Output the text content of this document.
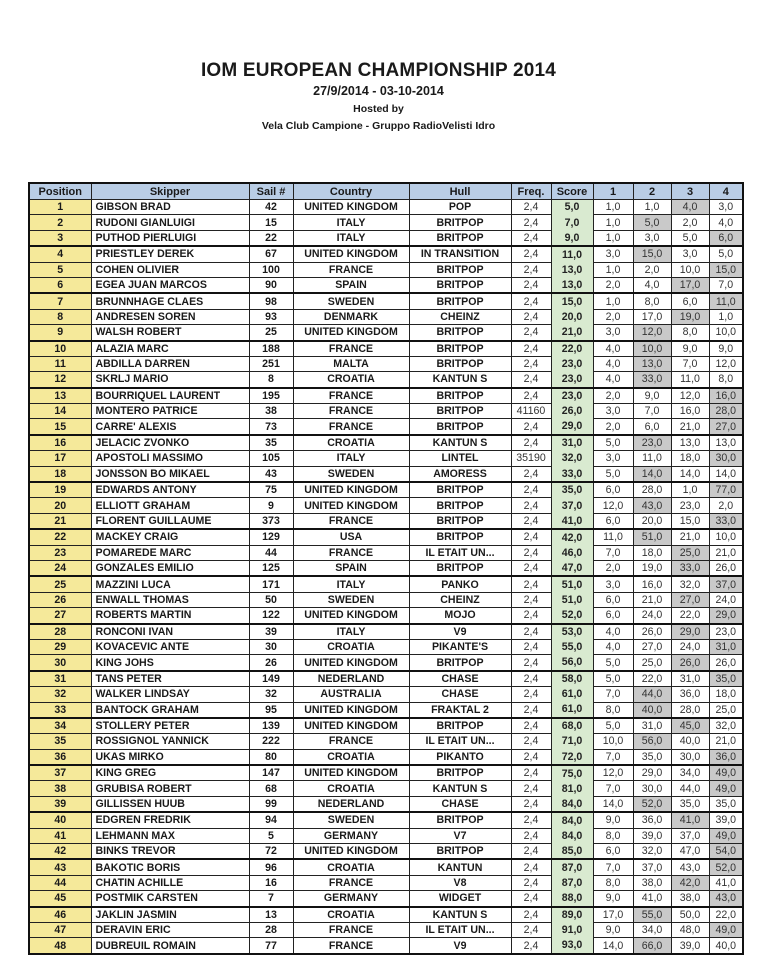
IOM EUROPEAN CHAMPIONSHIP 2014
27/9/2014 - 03-10-2014
Hosted by
Vela Club Campione - Gruppo RadioVelisti Idro
Position	Skipper	Sail #	Country	Hull	Freq.	Score	1	2	3	4
1	GIBSON BRAD	42	UNITED KINGDOM	POP	2,4	5,0	1,0	1,0	4,0	3,0
2	RUDONI GIANLUIGI	15	ITALY	BRITPOP	2,4	7,0	1,0	5,0	2,0	4,0
3	PUTHOD PIERLUIGI	22	ITALY	BRITPOP	2,4	9,0	1,0	3,0	5,0	6,0
4	PRIESTLEY DEREK	67	UNITED KINGDOM	IN TRANSITION	2,4	11,0	3,0	15,0	3,0	5,0
5	COHEN OLIVIER	100	FRANCE	BRITPOP	2,4	13,0	1,0	2,0	10,0	15,0
6	EGEA JUAN MARCOS	90	SPAIN	BRITPOP	2,4	13,0	2,0	4,0	17,0	7,0
7	BRUNNHAGE CLAES	98	SWEDEN	BRITPOP	2,4	15,0	1,0	8,0	6,0	11,0
8	ANDRESEN SOREN	93	DENMARK	CHEINZ	2,4	20,0	2,0	17,0	19,0	1,0
9	WALSH ROBERT	25	UNITED KINGDOM	BRITPOP	2,4	21,0	3,0	12,0	8,0	10,0
10	ALAZIA MARC	188	FRANCE	BRITPOP	2,4	22,0	4,0	10,0	9,0	9,0
11	ABDILLA DARREN	251	MALTA	BRITPOP	2,4	23,0	4,0	13,0	7,0	12,0
12	SKRLJ MARIO	8	CROATIA	KANTUN S	2,4	23,0	4,0	33,0	11,0	8,0
13	BOURRIQUEL LAURENT	195	FRANCE	BRITPOP	2,4	23,0	2,0	9,0	12,0	16,0
14	MONTERO PATRICE	38	FRANCE	BRITPOP	41160	26,0	3,0	7,0	16,0	28,0
15	CARRE' ALEXIS	73	FRANCE	BRITPOP	2,4	29,0	2,0	6,0	21,0	27,0
16	JELACIC ZVONKO	35	CROATIA	KANTUN S	2,4	31,0	5,0	23,0	13,0	13,0
17	APOSTOLI MASSIMO	105	ITALY	LINTEL	35190	32,0	3,0	11,0	18,0	30,0
18	JONSSON BO MIKAEL	43	SWEDEN	AMORESS	2,4	33,0	5,0	14,0	14,0	14,0
19	EDWARDS ANTONY	75	UNITED KINGDOM	BRITPOP	2,4	35,0	6,0	28,0	1,0	77,0
20	ELLIOTT GRAHAM	9	UNITED KINGDOM	BRITPOP	2,4	37,0	12,0	43,0	23,0	2,0
21	FLORENT GUILLAUME	373	FRANCE	BRITPOP	2,4	41,0	6,0	20,0	15,0	33,0
22	MACKEY CRAIG	129	USA	BRITPOP	2,4	42,0	11,0	51,0	21,0	10,0
23	POMAREDE MARC	44	FRANCE	IL ETAIT UN...	2,4	46,0	7,0	18,0	25,0	21,0
24	GONZALES EMILIO	125	SPAIN	BRITPOP	2,4	47,0	2,0	19,0	33,0	26,0
25	MAZZINI LUCA	171	ITALY	PANKO	2,4	51,0	3,0	16,0	32,0	37,0
26	ENWALL THOMAS	50	SWEDEN	CHEINZ	2,4	51,0	6,0	21,0	27,0	24,0
27	ROBERTS MARTIN	122	UNITED KINGDOM	MOJO	2,4	52,0	6,0	24,0	22,0	29,0
28	RONCONI IVAN	39	ITALY	V9	2,4	53,0	4,0	26,0	29,0	23,0
29	KOVACEVIC ANTE	30	CROATIA	PIKANTE'S	2,4	55,0	4,0	27,0	24,0	31,0
30	KING JOHS	26	UNITED KINGDOM	BRITPOP	2,4	56,0	5,0	25,0	26,0	26,0
31	TANS PETER	149	NEDERLAND	CHASE	2,4	58,0	5,0	22,0	31,0	35,0
32	WALKER LINDSAY	32	AUSTRALIA	CHASE	2,4	61,0	7,0	44,0	36,0	18,0
33	BANTOCK GRAHAM	95	UNITED KINGDOM	FRAKTAL 2	2,4	61,0	8,0	40,0	28,0	25,0
34	STOLLERY PETER	139	UNITED KINGDOM	BRITPOP	2,4	68,0	5,0	31,0	45,0	32,0
35	ROSSIGNOL YANNICK	222	FRANCE	IL ETAIT UN...	2,4	71,0	10,0	56,0	40,0	21,0
36	UKAS MIRKO	80	CROATIA	PIKANTO	2,4	72,0	7,0	35,0	30,0	36,0
37	KING GREG	147	UNITED KINGDOM	BRITPOP	2,4	75,0	12,0	29,0	34,0	49,0
38	GRUBISA ROBERT	68	CROATIA	KANTUN S	2,4	81,0	7,0	30,0	44,0	49,0
39	GILLISSEN HUUB	99	NEDERLAND	CHASE	2,4	84,0	14,0	52,0	35,0	35,0
40	EDGREN FREDRIK	94	SWEDEN	BRITPOP	2,4	84,0	9,0	36,0	41,0	39,0
41	LEHMANN MAX	5	GERMANY	V7	2,4	84,0	8,0	39,0	37,0	49,0
42	BINKS TREVOR	72	UNITED KINGDOM	BRITPOP	2,4	85,0	6,0	32,0	47,0	54,0
43	BAKOTIC BORIS	96	CROATIA	KANTUN	2,4	87,0	7,0	37,0	43,0	52,0
44	CHATIN ACHILLE	16	FRANCE	V8	2,4	87,0	8,0	38,0	42,0	41,0
45	POSTMIK CARSTEN	7	GERMANY	WIDGET	2,4	88,0	9,0	41,0	38,0	43,0
46	JAKLIN JASMIN	13	CROATIA	KANTUN S	2,4	89,0	17,0	55,0	50,0	22,0
47	DERAVIN ERIC	28	FRANCE	IL ETAIT UN...	2,4	91,0	9,0	34,0	48,0	49,0
48	DUBREUIL ROMAIN	77	FRANCE	V9	2,4	93,0	14,0	66,0	39,0	40,0
